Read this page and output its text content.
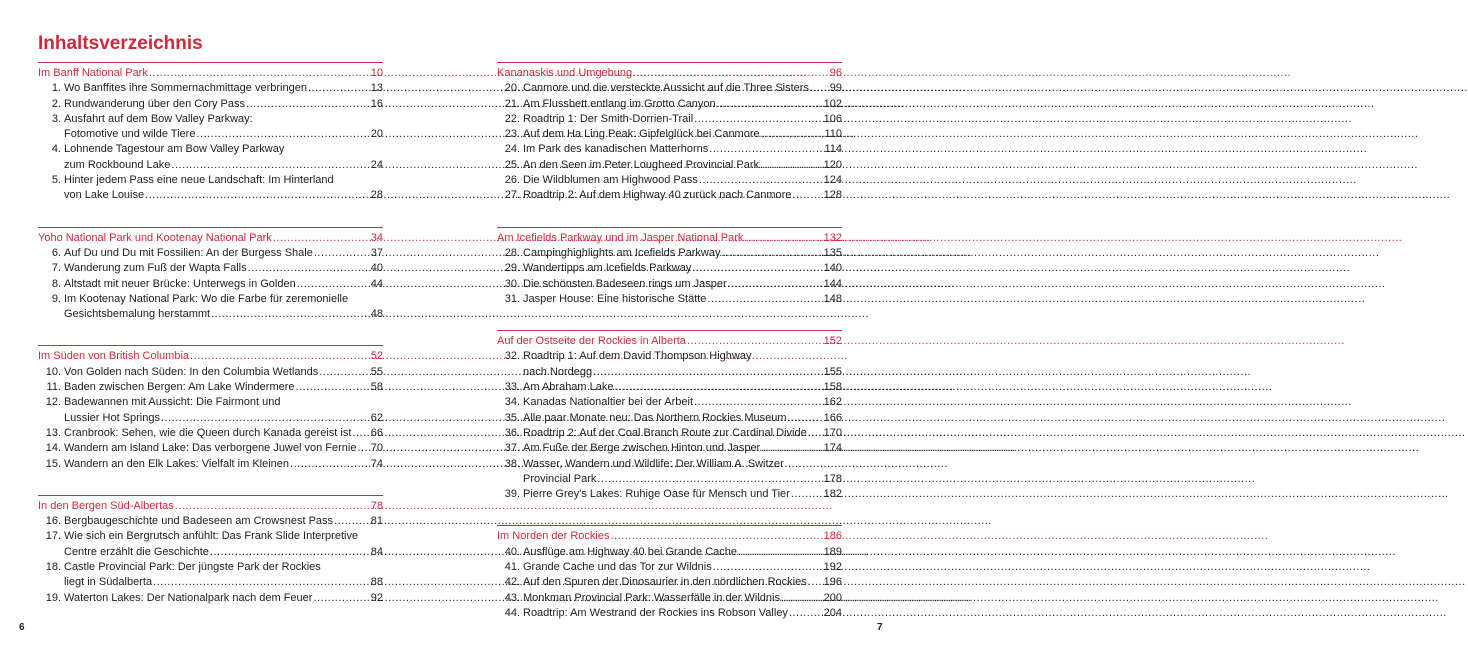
Inhaltsverzeichnis
Im Banff National Park .....	10
1. Wo Banffites ihre Sommernachmittage verbringen .....	13
2. Rundwanderung über den Cory Pass .....	16
3. Ausfahrt auf dem Bow Valley Parkway:
Fotomotive und wilde Tiere .....	20
4. Lohnende Tagestour am Bow Valley Parkway
zum Rockbound Lake .....	24
5. Hinter jedem Pass eine neue Landschaft: Im Hinterland
von Lake Louise .....	28
Yoho National Park und Kootenay National Park .....	34
6. Auf Du und Du mit Fossilien: An der Burgess Shale .....	37
7. Wanderung zum Fuß der Wapta Falls .....	40
8. Altstadt mit neuer Brücke: Unterwegs in Golden .....	44
9. Im Kootenay National Park: Wo die Farbe für zeremonielle
Gesichtsbemalung herstammt .....	48
Im Süden von British Columbia .....	52
10. Von Golden nach Süden: In den Columbia Wetlands .....	55
11. Baden zwischen Bergen: Am Lake Windermere .....	58
12. Badewannen mit Aussicht: Die Fairmont und
Lussier Hot Springs .....	62
13. Cranbrook: Sehen, wie die Queen durch Kanada gereist ist ..... 66
14. Wandern am Island Lake: Das verborgene Juwel von Fernie ..... 70
15. Wandern an den Elk Lakes: Vielfalt im Kleinen .....	74
In den Bergen Süd-Albertas .....	78
16. Bergbaugeschichte und Badeseen am Crowsnest Pass .....	81
17. Wie sich ein Bergrutsch anfühlt: Das Frank Slide Interpretive
Centre erzählt die Geschichte .....	84
18. Castle Provincial Park: Der jüngste Park der Rockies
liegt in Südalberta .....	88
19. Waterton Lakes: Der Nationalpark nach dem Feuer .....	92
Kananaskis und Umgebung .....	96
20. Canmore und die versteckte Aussicht auf die Three Sisters ..... 99
21. Am Flussbett entlang im Grotto Canyon .....	102
22. Roadtrip 1: Der Smith-Dorrien-Trail .....	106
23. Auf dem Ha Ling Peak: Gipfelglück bei Canmore .....	110
24. Im Park des kanadischen Matterhorns .....	114
25. An den Seen im Peter Lougheed Provincial Park .....	120
26. Die Wildblumen am Highwood Pass .....	124
27. Roadtrip 2: Auf dem Highway 40 zurück nach Canmore .....	128
Am Icefields Parkway und im Jasper National Park .....	132
28. Campinghighlights am Icefields Parkway .....	135
29. Wandertipps am Icefields Parkway .....	140
30. Die schönsten Badeseen rings um Jasper .....	144
31. Jasper House: Eine historische Stätte .....	148
Auf der Ostseite der Rockies in Alberta .....	152
32. Roadtrip 1: Auf dem David Thompson Highway
nach Nordegg .....	155
33. Am Abraham Lake .....	158
34. Kanadas Nationaltier bei der Arbeit .....	162
35. Alle paar Monate neu: Das Northern Rockies Museum .....	166
36. Roadtrip 2: Auf der Coal Branch Route zur Cardinal Divide ..... 170
37. Am Fuße der Berge zwischen Hinton und Jasper .....	174
38. Wasser, Wandern und Wildlife: Der William A. Switzer
Provincial Park .....	178
39. Pierre Grey's Lakes: Ruhige Oase für Mensch und Tier .....	182
Im Norden der Rockies .....	186
40. Ausflüge am Highway 40 bei Grande Cache .....	189
41. Grande Cache und das Tor zur Wildnis .....	192
42. Auf den Spuren der Dinosaurier in den nördlichen Rockies ..... 196
43. Monkman Provincial Park: Wasserfälle in der Wildnis .....	200
44. Roadtrip: Am Westrand der Rockies ins Robson Valley .....	204
6	7
